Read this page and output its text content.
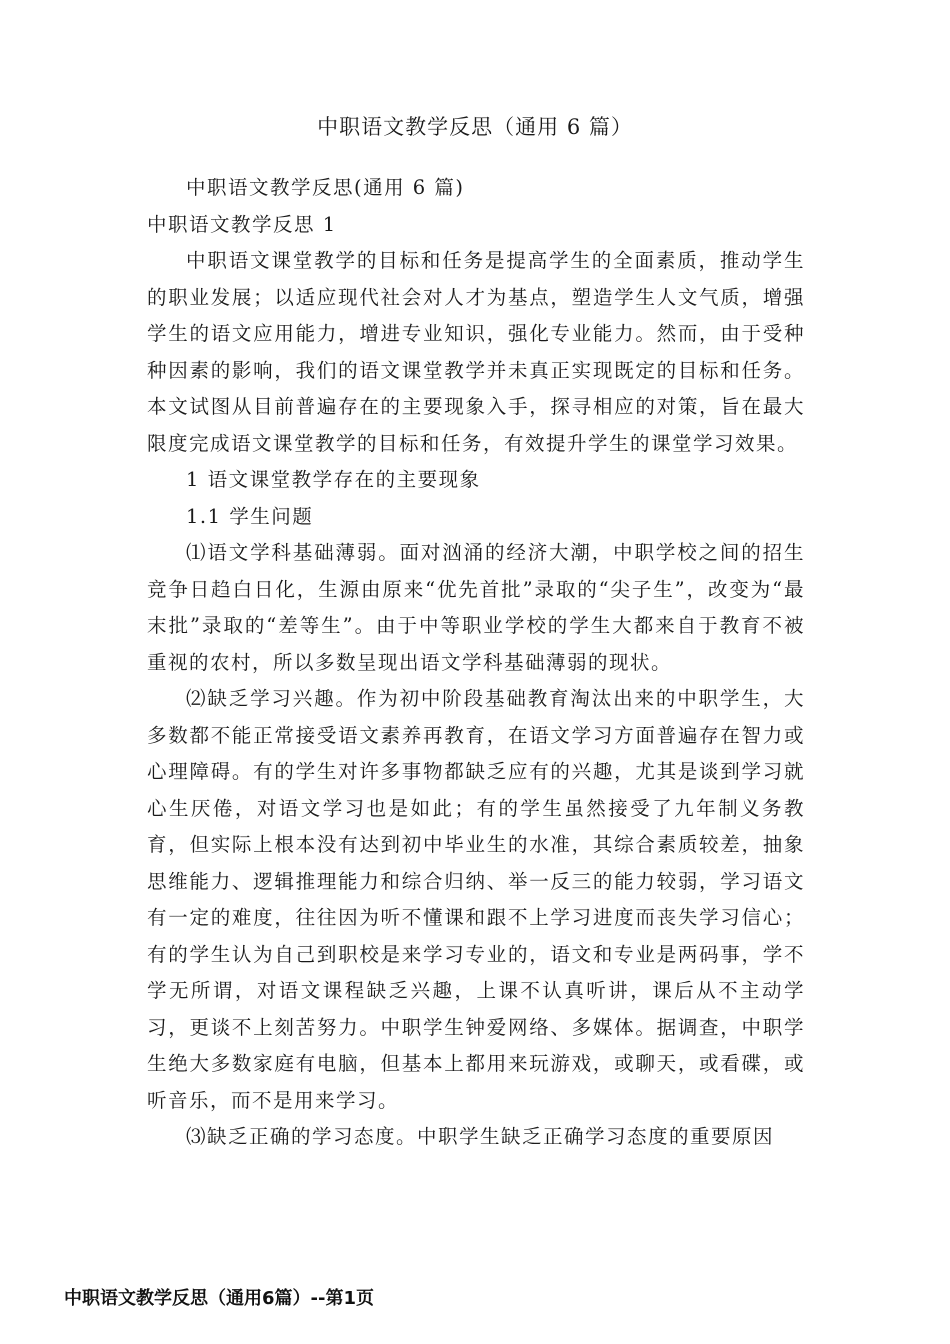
中职语文教学反思（通用 6 篇）

中职语文教学反思(通用 6 篇)

中职语文教学反思 1

中职语文课堂教学的目标和任务是提高学生的全面素质，推动学生的职业发展；以适应现代社会对人才为基点，塑造学生人文气质，增强学生的语文应用能力，增进专业知识，强化专业能力。然而，由于受种种因素的影响，我们的语文课堂教学并未真正实现既定的目标和任务。本文试图从目前普遍存在的主要现象入手，探寻相应的对策，旨在最大限度完成语文课堂教学的目标和任务，有效提升学生的课堂学习效果。

1 语文课堂教学存在的主要现象

1.1 学生问题

⑴语文学科基础薄弱。面对汹涌的经济大潮，中职学校之间的招生竞争日趋白日化，生源由原来“优先首批”录取的“尖子生”，改变为“最末批”录取的“差等生”。由于中等职业学校的学生大都来自于教育不被重视的农村，所以多数呈现出语文学科基础薄弱的现状。

⑵缺乏学习兴趣。作为初中阶段基础教育淘汰出来的中职学生，大多数都不能正常接受语文素养再教育，在语文学习方面普遍存在智力或心理障碍。有的学生对许多事物都缺乏应有的兴趣，尤其是谈到学习就心生厌倦，对语文学习也是如此；有的学生虽然接受了九年制义务教育，但实际上根本没有达到初中毕业生的水准，其综合素质较差，抽象思维能力、逻辑推理能力和综合归纳、举一反三的能力较弱，学习语文有一定的难度，往往因为听不懂课和跟不上学习进度而丧失学习信心；有的学生认为自己到职校是来学习专业的，语文和专业是两码事，学不学无所谓，对语文课程缺乏兴趣，上课不认真听讲，课后从不主动学习，更谈不上刻苦努力。中职学生钟爱网络、多媒体。据调查，中职学生绝大多数家庭有电脑，但基本上都用来玩游戏，或聊天，或看碟，或听音乐，而不是用来学习。

⑶缺乏正确的学习态度。中职学生缺乏正确学习态度的重要原因

中职语文教学反思（通用6篇）--第1页
